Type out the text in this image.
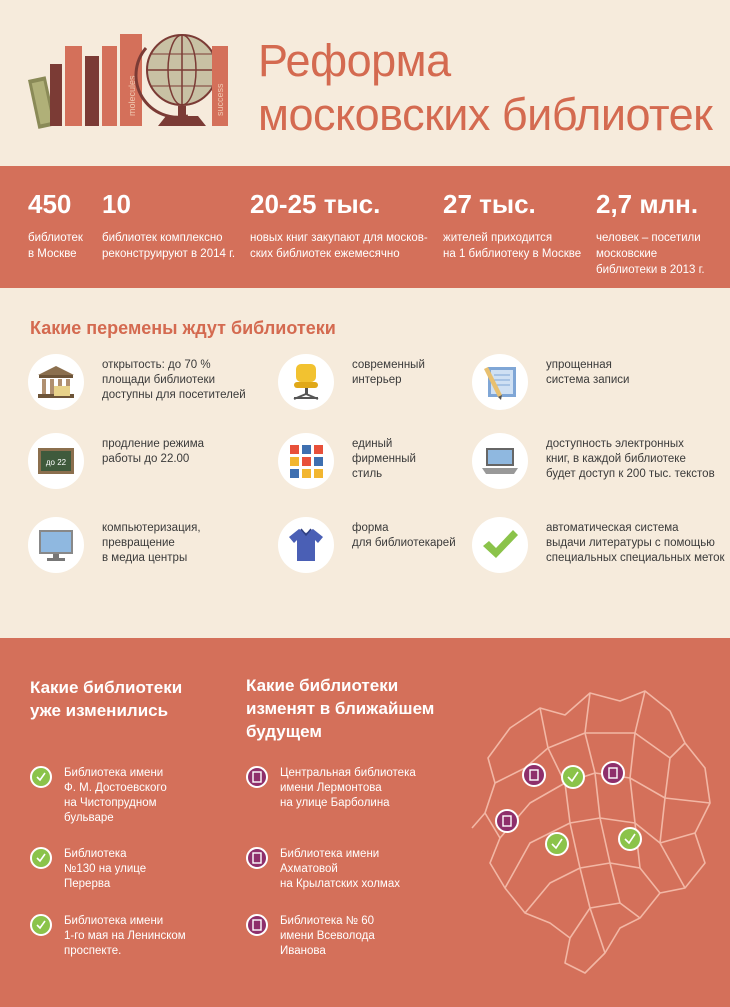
molecules	success
Реформа
московских библиотек
450
библиотек
в Москве
10
библиотек комплексно
реконструируют в 2014 г.
20-25 тыс.
новых книг закупают для москов-
ских библиотек ежемесячно
27 тыс.
жителей приходится
на 1 библиотеку в Москве
2,7 млн.
человек – посетили
московские
библиотеки в 2013 г.
Какие перемены ждут библиотеки
открытость: до 70 %
площади библиотеки
доступны для посетителей
современный
интерьер
упрощенная
система записи
до 22
продление режима
работы до 22.00
единый
фирменный
стиль
доступность электронных
книг, в каждой библиотеке
будет доступ к 200 тыс. текстов
компьютеризация,
превращение
в медиа центры
форма
для библиотекарей
автоматическая система
выдачи литературы с помощью
специальных специальных меток
Какие библиотеки
уже изменились
Какие библиотеки
изменят в ближайшем
будущем
Библиотека имени
Ф. М. Достоевского
на Чистопрудном
бульваре
Библиотека
№130 на улице
Перерва
Библиотека имени
1-го мая на Ленинском
проспекте.
Центральная библиотека
имени Лермонтова
на улице Барболина
Библиотека имени
Ахматовой
на Крылатских холмах
Библиотека № 60
имени Всеволода
Иванова
